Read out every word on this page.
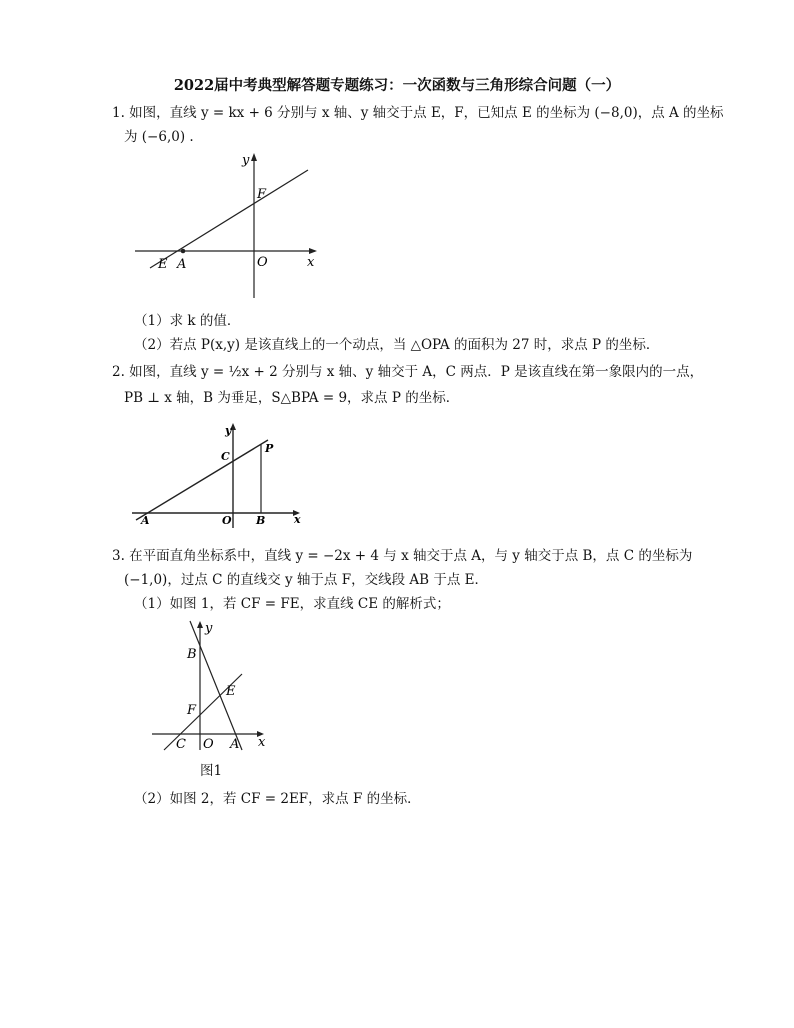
2022届中考典型解答题专题练习：一次函数与三角形综合问题（一）
1. 如图，直线 y = kx + 6 分别与 x 轴、y 轴交于点 E，F，已知点 E 的坐标为 (−8,0)，点 A 的坐标
为 (−6,0) .
y
F
x
E A	O
（1）求 k 的值．
（2）若点 P(x,y) 是该直线上的一个动点，当 △OPA 的面积为 27 时，求点 P 的坐标．
2. 如图，直线 y = ½x + 2 分别与 x 轴、y 轴交于 A，C 两点．P 是该直线在第一象限内的一点，
PB ⊥ x 轴，B 为垂足，S△BPA = 9，求点 P 的坐标．
y
P
C
A	O B	x
3. 在平面直角坐标系中，直线 y = −2x + 4 与 x 轴交于点 A，与 y 轴交于点 B，点 C 的坐标为
(−1,0)，过点 C 的直线交 y 轴于点 F，交线段 AB 于点 E．
（1）如图 1，若 CF = FE，求直线 CE 的解析式；
y
B
E
F
C O A x
图1
（2）如图 2，若 CF = 2EF，求点 F 的坐标．
